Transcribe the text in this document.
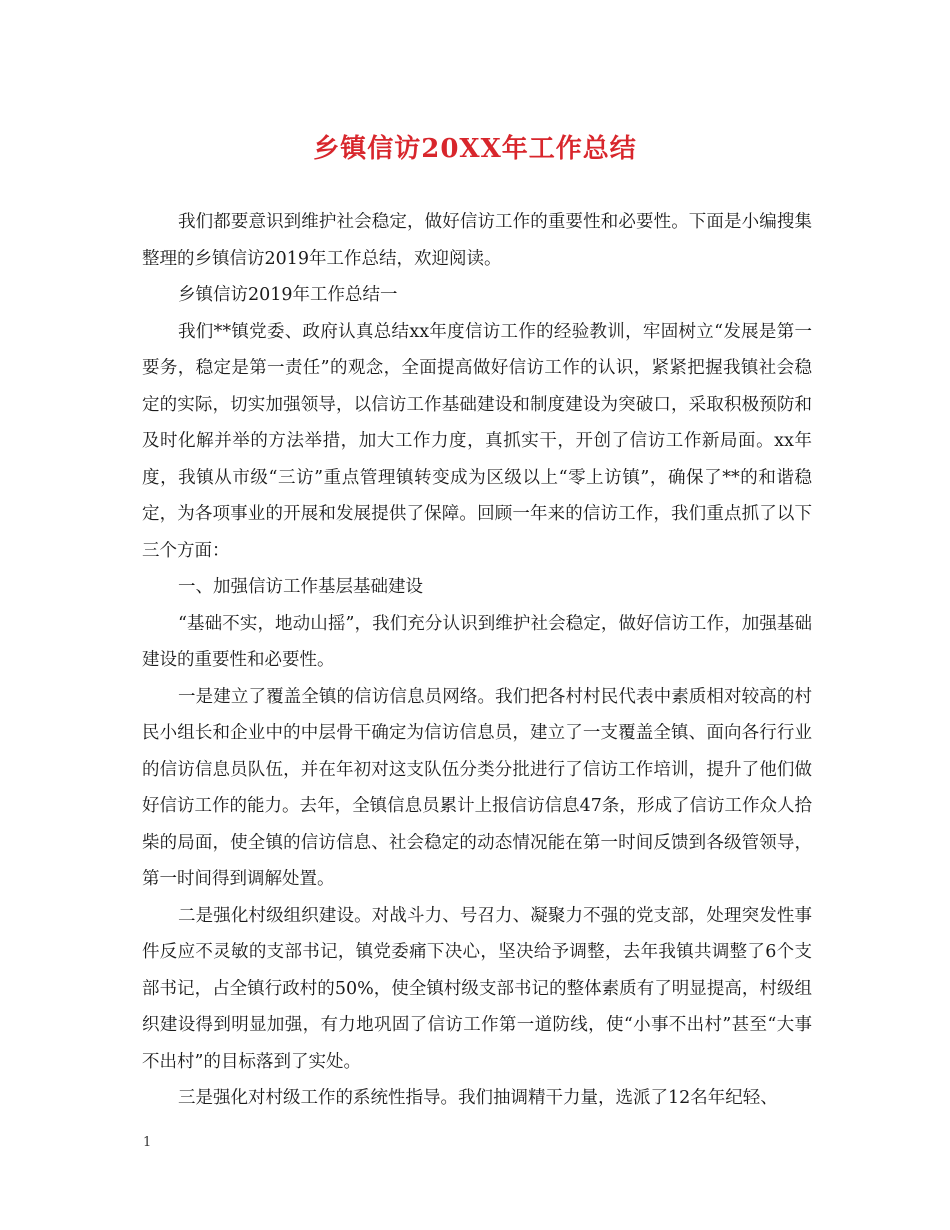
乡镇信访20XX年工作总结

我们都要意识到维护社会稳定，做好信访工作的重要性和必要性。下面是小编搜集整理的乡镇信访2019年工作总结，欢迎阅读。

乡镇信访2019年工作总结一

我们**镇党委、政府认真总结xx年度信访工作的经验教训，牢固树立“发展是第一要务，稳定是第一责任”的观念，全面提高做好信访工作的认识，紧紧把握我镇社会稳定的实际，切实加强领导，以信访工作基础建设和制度建设为突破口，采取积极预防和及时化解并举的方法举措，加大工作力度，真抓实干，开创了信访工作新局面。xx年度，我镇从市级“三访”重点管理镇转变成为区级以上“零上访镇”，确保了**的和谐稳定，为各项事业的开展和发展提供了保障。回顾一年来的信访工作，我们重点抓了以下三个方面：

一、加强信访工作基层基础建设

“基础不实，地动山摇”，我们充分认识到维护社会稳定，做好信访工作，加强基础建设的重要性和必要性。

一是建立了覆盖全镇的信访信息员网络。我们把各村村民代表中素质相对较高的村民小组长和企业中的中层骨干确定为信访信息员，建立了一支覆盖全镇、面向各行行业的信访信息员队伍，并在年初对这支队伍分类分批进行了信访工作培训，提升了他们做好信访工作的能力。去年，全镇信息员累计上报信访信息47条，形成了信访工作众人拾柴的局面，使全镇的信访信息、社会稳定的动态情况能在第一时间反馈到各级管领导，第一时间得到调解处置。

二是强化村级组织建设。对战斗力、号召力、凝聚力不强的党支部，处理突发性事件反应不灵敏的支部书记，镇党委痛下决心，坚决给予调整，去年我镇共调整了6个支部书记，占全镇行政村的50%，使全镇村级支部书记的整体素质有了明显提高，村级组织建设得到明显加强，有力地巩固了信访工作第一道防线，使“小事不出村”甚至“大事不出村”的目标落到了实处。

三是强化对村级工作的系统性指导。我们抽调精干力量，选派了12名年纪轻、

1
